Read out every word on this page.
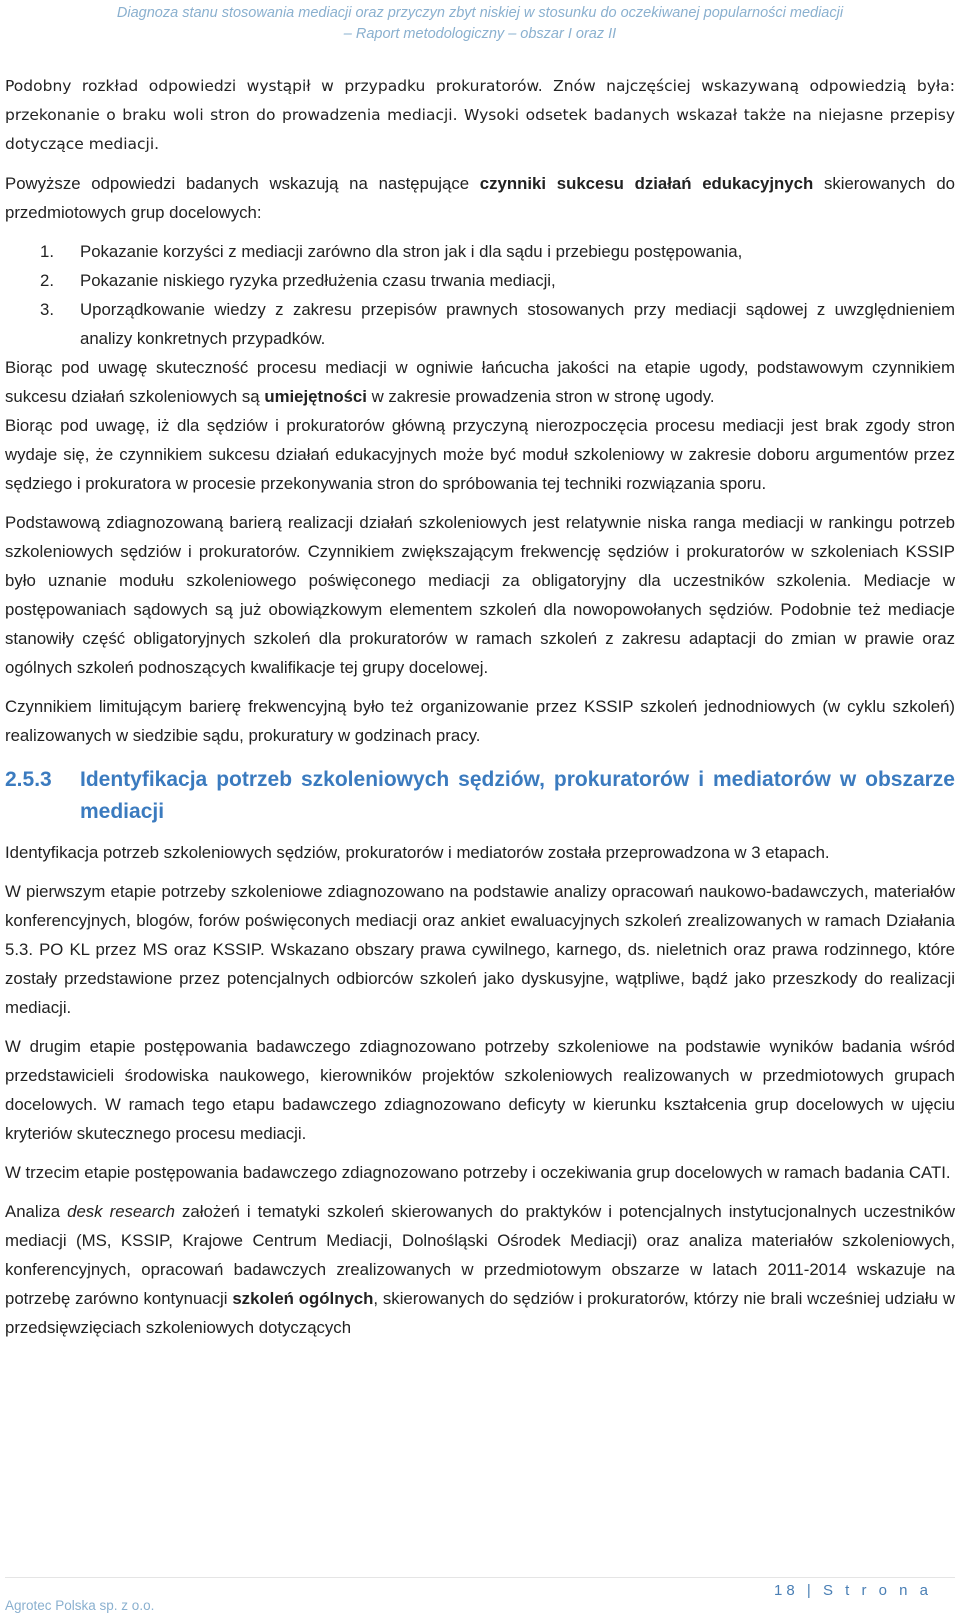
Diagnoza stanu stosowania mediacji oraz przyczyn zbyt niskiej w stosunku do oczekiwanej popularności mediacji
– Raport metodologiczny – obszar I oraz II

Podobny rozkład odpowiedzi wystąpił w przypadku prokuratorów. Znów najczęściej wskazywaną odpowiedzią była: przekonanie o braku woli stron do prowadzenia mediacji. Wysoki odsetek badanych wskazał także na niejasne przepisy dotyczące mediacji.

Powyższe odpowiedzi badanych wskazują na następujące czynniki sukcesu działań edukacyjnych skierowanych do przedmiotowych grup docelowych:

1. Pokazanie korzyści z mediacji zarówno dla stron jak i dla sądu i przebiegu postępowania,
2. Pokazanie niskiego ryzyka przedłużenia czasu trwania mediacji,
3. Uporządkowanie wiedzy z zakresu przepisów prawnych stosowanych przy mediacji sądowej z uwzględnieniem analizy konkretnych przypadków.

Biorąc pod uwagę skuteczność procesu mediacji w ogniwie łańcucha jakości na etapie ugody, podstawowym czynnikiem sukcesu działań szkoleniowych są umiejętności w zakresie prowadzenia stron w stronę ugody.

Biorąc pod uwagę, iż dla sędziów i prokuratorów główną przyczyną nierozpoczęcia procesu mediacji jest brak zgody stron wydaje się, że czynnikiem sukcesu działań edukacyjnych może być moduł szkoleniowy w zakresie doboru argumentów przez sędziego i prokuratora w procesie przekonywania stron do spróbowania tej techniki rozwiązania sporu.

Podstawową zdiagnozowaną barierą realizacji działań szkoleniowych jest relatywnie niska ranga mediacji w rankingu potrzeb szkoleniowych sędziów i prokuratorów. Czynnikiem zwiększającym frekwencję sędziów i prokuratorów w szkoleniach KSSIP było uznanie modułu szkoleniowego poświęconego mediacji za obligatoryjny dla uczestników szkolenia. Mediacje w postępowaniach sądowych są już obowiązkowym elementem szkoleń dla nowopowołanych sędziów. Podobnie też mediacje stanowiły część obligatoryjnych szkoleń dla prokuratorów w ramach szkoleń z zakresu adaptacji do zmian w prawie oraz ogólnych szkoleń podnoszących kwalifikacje tej grupy docelowej.

Czynnikiem limitującym barierę frekwencyjną było też organizowanie przez KSSIP szkoleń jednodniowych (w cyklu szkoleń) realizowanych w siedzibie sądu, prokuratury w godzinach pracy.

2.5.3	Identyfikacja potrzeb szkoleniowych sędziów, prokuratorów i mediatorów w obszarze mediacji

Identyfikacja potrzeb szkoleniowych sędziów, prokuratorów i mediatorów została przeprowadzona w 3 etapach.

W pierwszym etapie potrzeby szkoleniowe zdiagnozowano na podstawie analizy opracowań naukowo-badawczych, materiałów konferencyjnych, blogów, forów poświęconych mediacji oraz ankiet ewaluacyjnych szkoleń zrealizowanych w ramach Działania 5.3. PO KL przez MS oraz KSSIP. Wskazano obszary prawa cywilnego, karnego, ds. nieletnich oraz prawa rodzinnego, które zostały przedstawione przez potencjalnych odbiorców szkoleń jako dyskusyjne, wątpliwe, bądź jako przeszkody do realizacji mediacji.

W drugim etapie postępowania badawczego zdiagnozowano potrzeby szkoleniowe na podstawie wyników badania wśród przedstawicieli środowiska naukowego, kierowników projektów szkoleniowych realizowanych w przedmiotowych grupach docelowych. W ramach tego etapu badawczego zdiagnozowano deficyty w kierunku kształcenia grup docelowych w ujęciu kryteriów skutecznego procesu mediacji.

W trzecim etapie postępowania badawczego zdiagnozowano potrzeby i oczekiwania grup docelowych w ramach badania CATI.

Analiza desk research założeń i tematyki szkoleń skierowanych do praktyków i potencjalnych instytucjonalnych uczestników mediacji (MS, KSSIP, Krajowe Centrum Mediacji, Dolnośląski Ośrodek Mediacji) oraz analiza materiałów szkoleniowych, konferencyjnych, opracowań badawczych zrealizowanych w przedmiotowym obszarze w latach 2011-2014 wskazuje na potrzebę zarówno kontynuacji szkoleń ogólnych, skierowanych do sędziów i prokuratorów, którzy nie brali wcześniej udziału w przedsięwzięciach szkoleniowych dotyczących

18 | S t r o n a
Agrotec Polska sp. z o.o.
